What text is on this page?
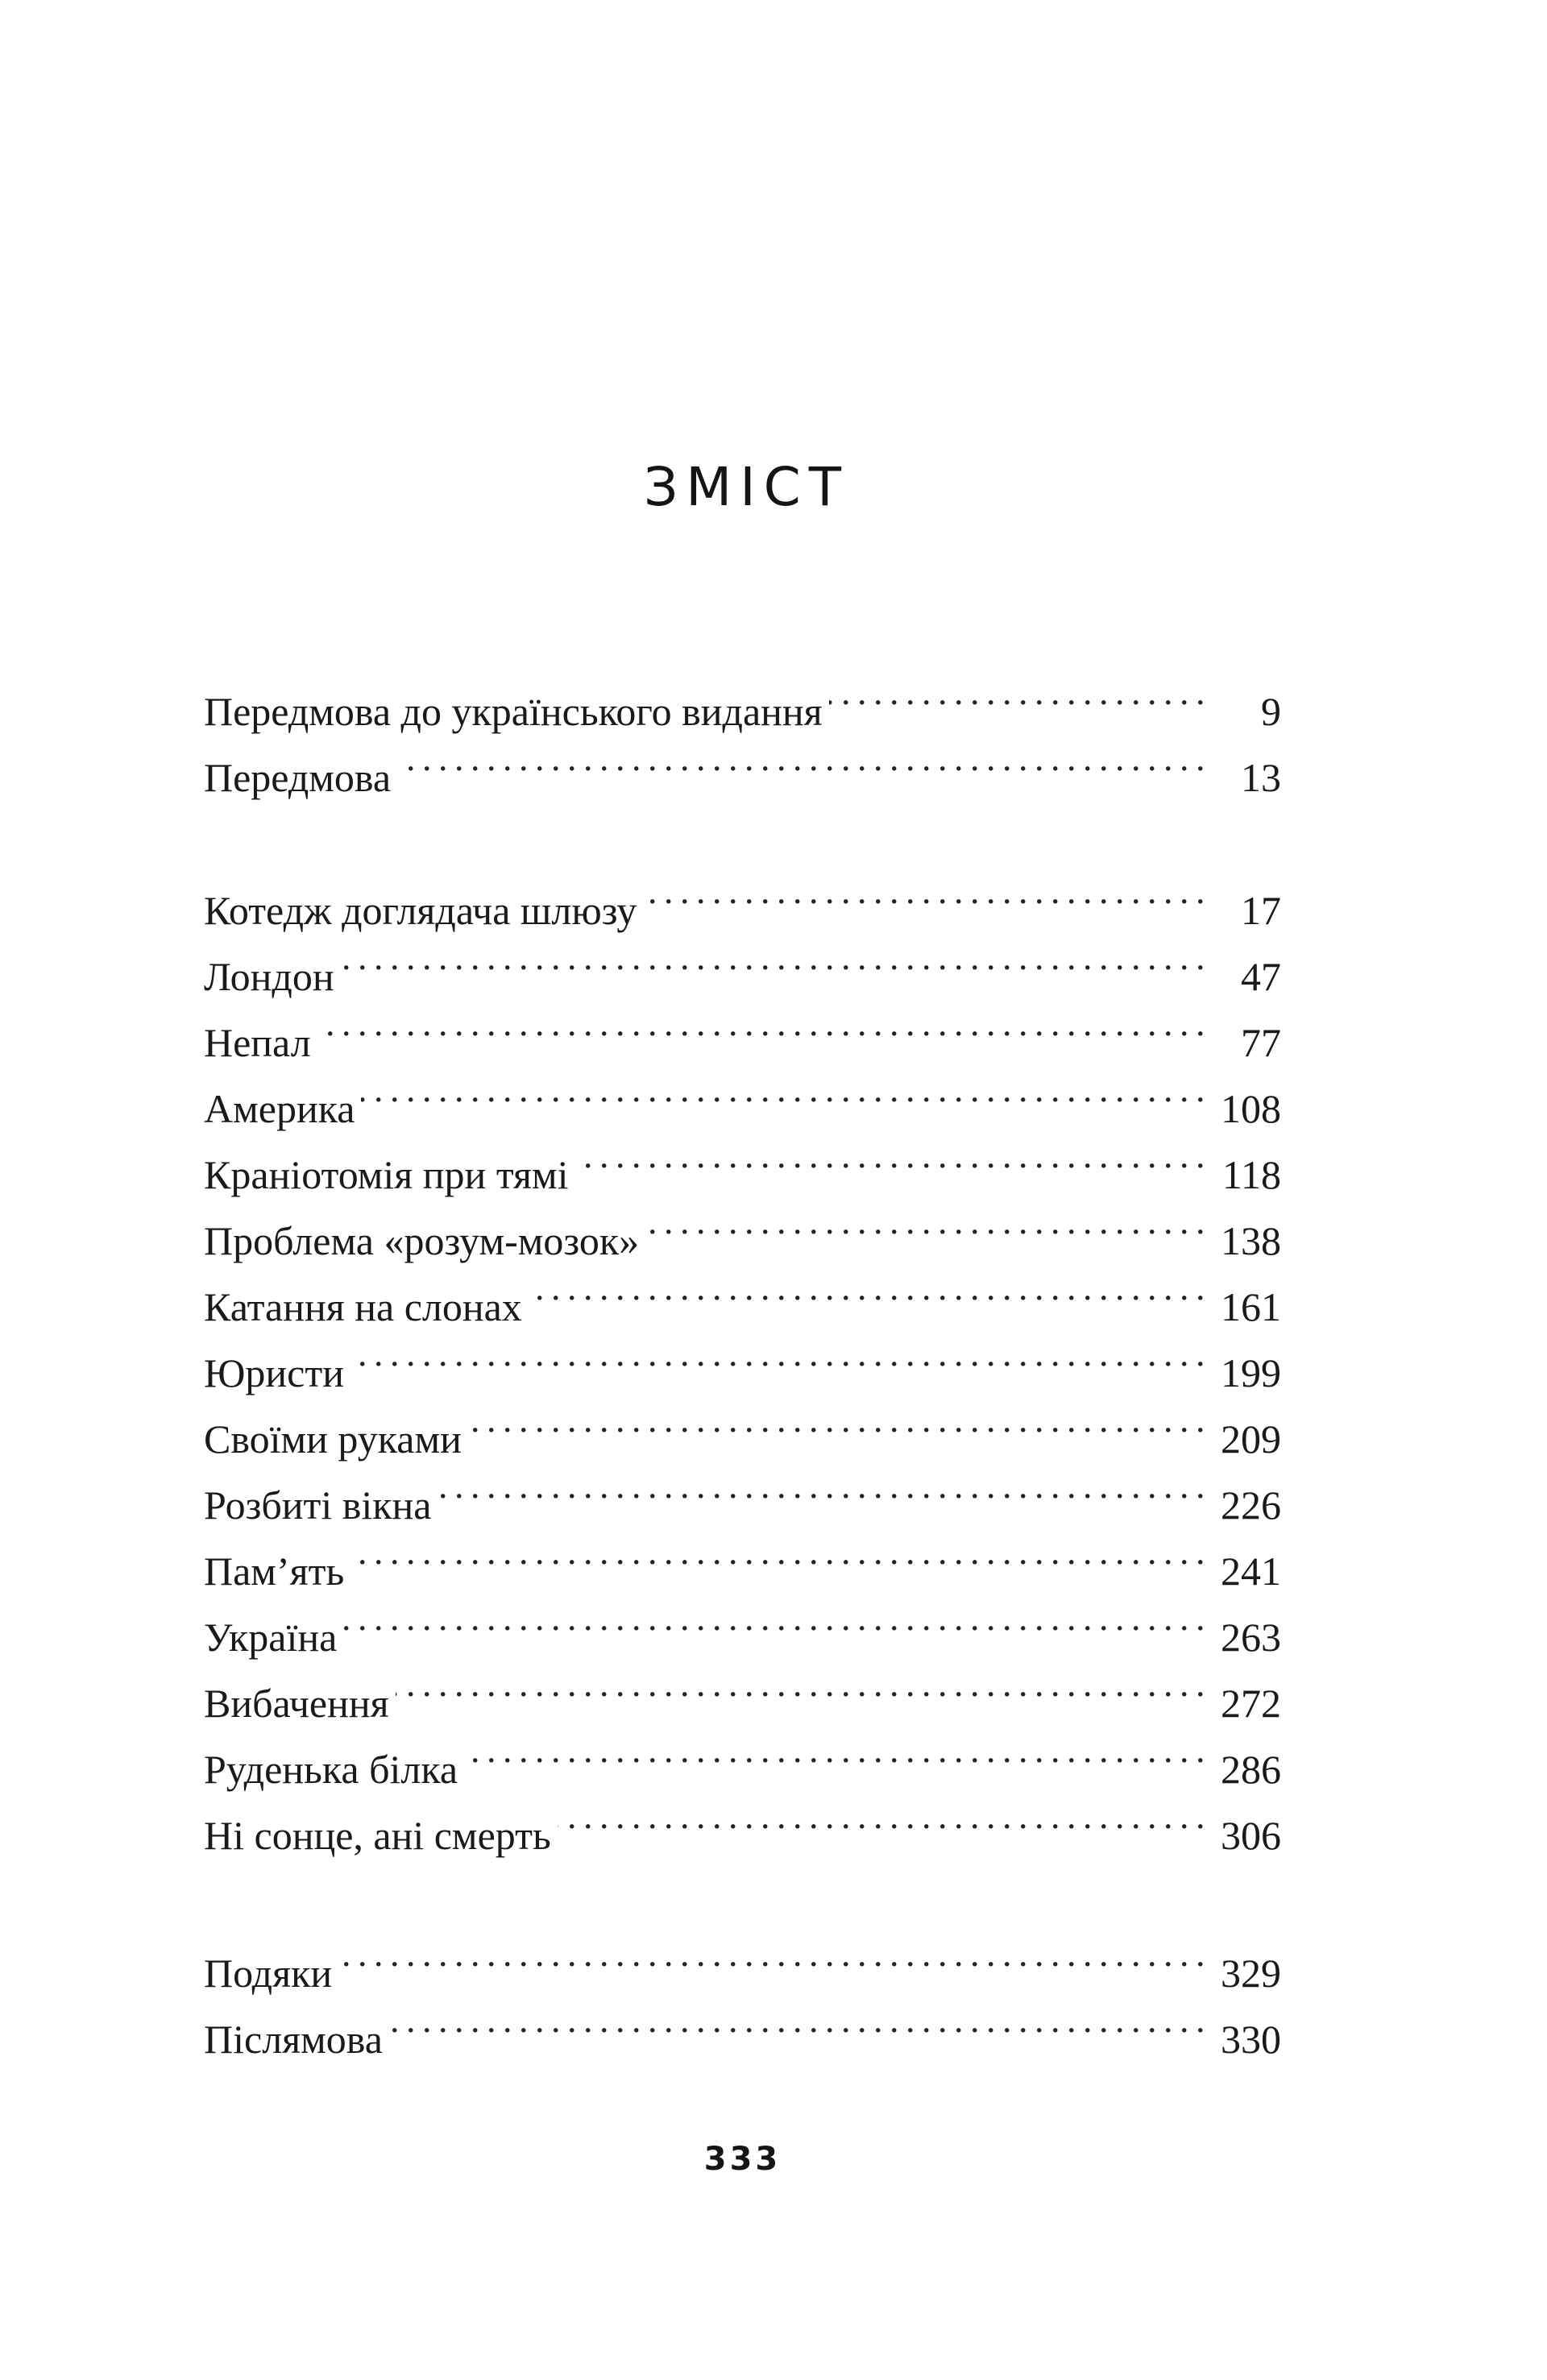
ЗМІСТ
Передмова до українського видання . . .	9
Передмова . . .	13
Котедж доглядача шлюзу . . .	17
Лондон . . .	47
Непал . . .	77
Америка . . .	108
Краніотомія при тямі . . .	118
Проблема «розум-мозок» . . .	138
Катання на слонах . . .	161
Юристи . . .	199
Своїми руками . . .	209
Розбиті вікна . . .	226
Пам’ять . . .	241
Україна . . .	263
Вибачення . . .	272
Руденька білка . . .	286
Ні сонце, ані смерть . . .	306
Подяки . . .	329
Післямова . . .	330
333
